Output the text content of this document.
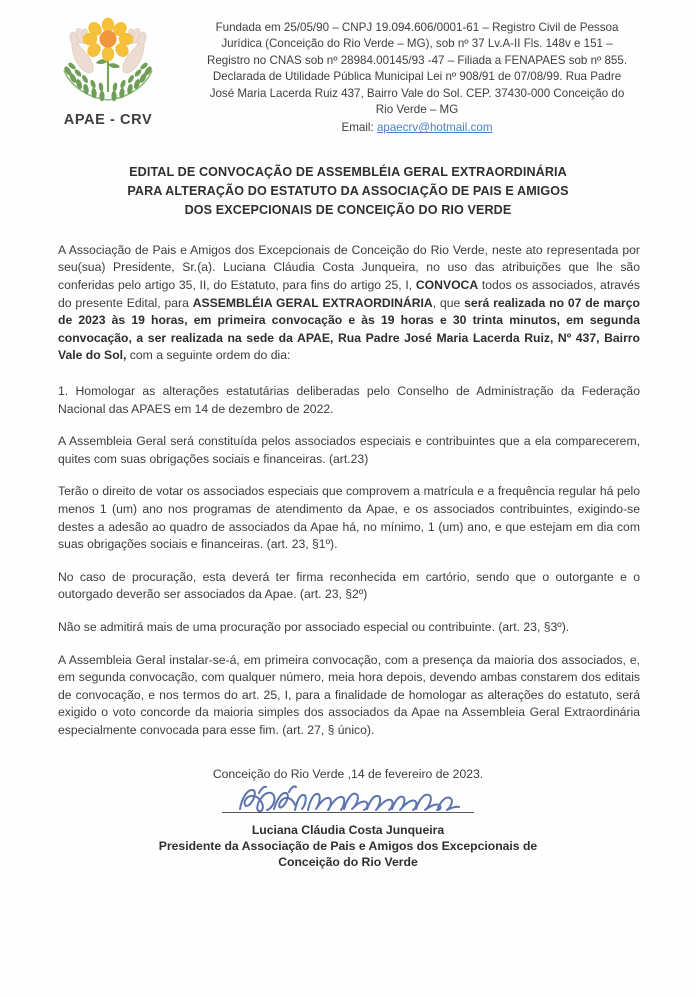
APAE - CRV
Fundada em 25/05/90 – CNPJ 19.094.606/0001-61 – Registro Civil de Pessoa
Jurídica (Conceição do Rio Verde – MG), sob nº 37 Lv.A-II Fls. 148v e 151 –
Registro no CNAS sob nº 28984.00145/93 -47 – Filiada a FENAPAES sob nº 855.
Declarada de Utilidade Pública Municipal Lei nº 908/91 de 07/08/99. Rua Padre
José Maria Lacerda Ruiz 437, Bairro Vale do Sol. CEP. 37430-000 Conceição do
Rio Verde – MG
Email: apaecrv@hotmail.com
EDITAL DE CONVOCAÇÃO DE ASSEMBLÉIA GERAL EXTRAORDINÁRIA
PARA ALTERAÇÃO DO ESTATUTO DA ASSOCIAÇÃO DE PAIS E AMIGOS
DOS EXCEPCIONAIS DE CONCEIÇÃO DO RIO VERDE

A Associação de Pais e Amigos dos Excepcionais de Conceição do Rio Verde, neste ato representada por seu(sua) Presidente, Sr.(a). Luciana Cláudia Costa Junqueira, no uso das atribuições que lhe são conferidas pelo artigo 35, II, do Estatuto, para fins do artigo 25, I, CONVOCA todos os associados, através do presente Edital, para ASSEMBLÉIA GERAL EXTRAORDINÁRIA, que será realizada no 07 de março de 2023 às 19 horas, em primeira convocação e às 19 horas e 30 trinta minutos, em segunda convocação, a ser realizada na sede da APAE, Rua Padre José Maria Lacerda Ruiz, Nº 437, Bairro Vale do Sol, com a seguinte ordem do dia:

1. Homologar as alterações estatutárias deliberadas pelo Conselho de Administração da Federação Nacional das APAES em 14 de dezembro de 2022.

A Assembleia Geral será constituída pelos associados especiais e contribuintes que a ela comparecerem, quites com suas obrigações sociais e financeiras. (art.23)

Terão o direito de votar os associados especiais que comprovem a matrícula e a frequência regular há pelo menos 1 (um) ano nos programas de atendimento da Apae, e os associados contribuintes, exigindo-se destes a adesão ao quadro de associados da Apae há, no mínimo, 1 (um) ano, e que estejam em dia com suas obrigações sociais e financeiras. (art. 23, §1º).

No caso de procuração, esta deverá ter firma reconhecida em cartório, sendo que o outorgante e o outorgado deverão ser associados da Apae. (art. 23, §2º)

Não se admitirá mais de uma procuração por associado especial ou contribuinte. (art. 23, §3º).

A Assembleia Geral instalar-se-á, em primeira convocação, com a presença da maioria dos associados, e, em segunda convocação, com qualquer número, meia hora depois, devendo ambas constarem dos editais de convocação, e nos termos do art. 25, I, para a finalidade de homologar as alterações do estatuto, será exigido o voto concorde da maioria simples dos associados da Apae na Assembleia Geral Extraordinária especialmente convocada para esse fim. (art. 27, § único).

Conceição do Rio Verde ,14 de fevereiro de 2023.
Luciana Cláudia Costa Junqueira
Presidente da Associação de Pais e Amigos dos Excepcionais de
Conceição do Rio Verde
